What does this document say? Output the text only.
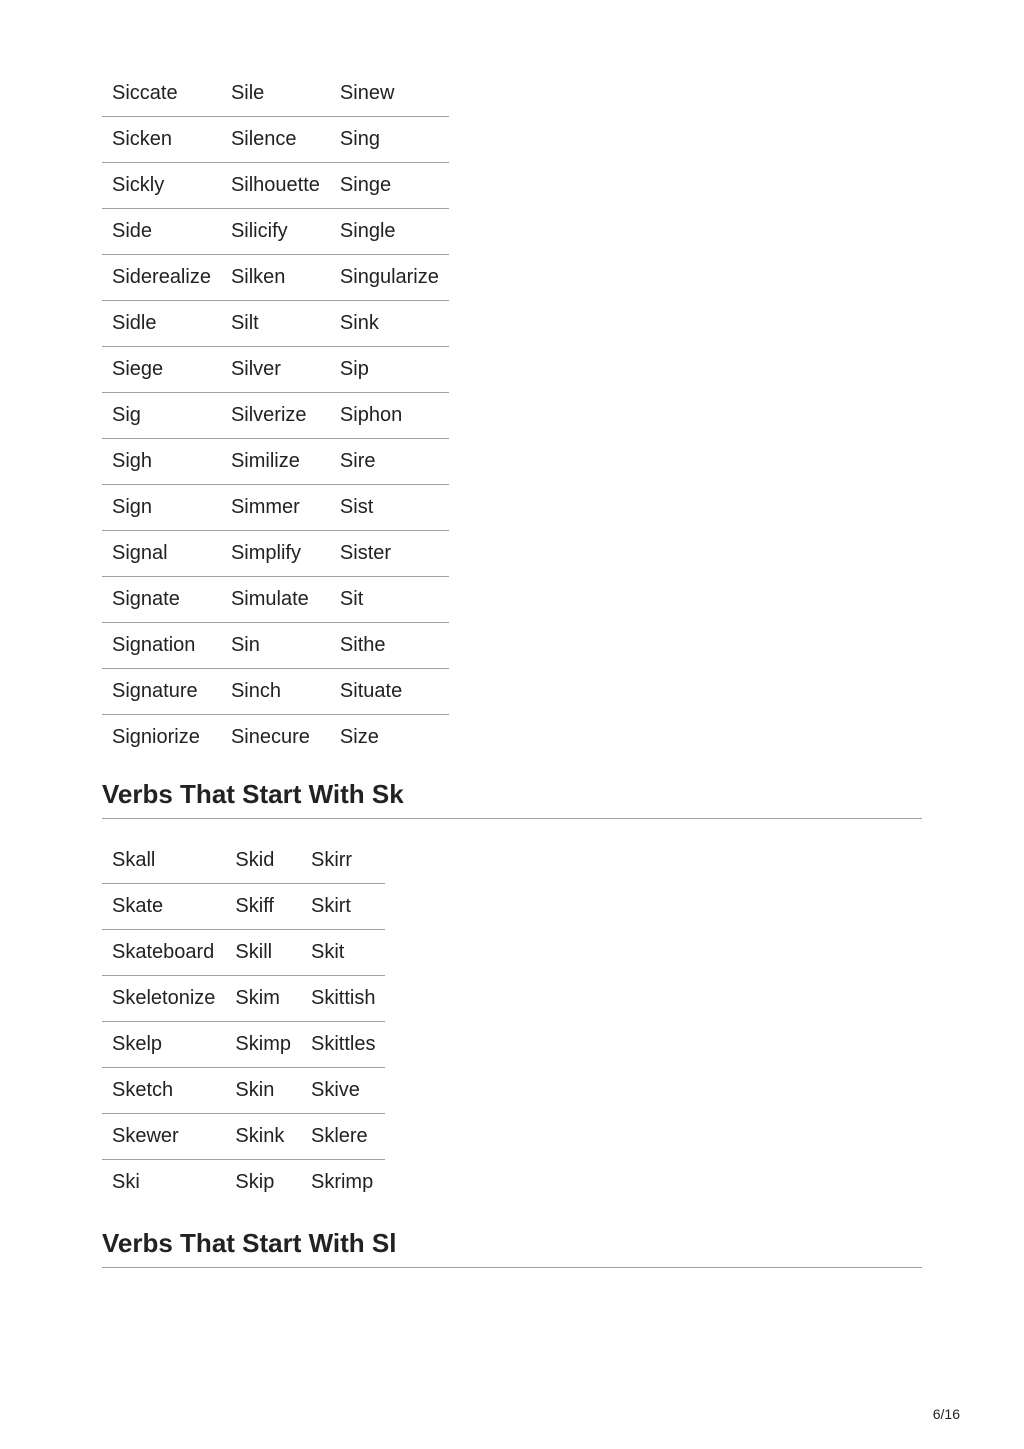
Siccate	Sile	Sinew
Sicken	Silence	Sing
Sickly	Silhouette	Singe
Side	Silicify	Single
Siderealize	Silken	Singularize
Sidle	Silt	Sink
Siege	Silver	Sip
Sig	Silverize	Siphon
Sigh	Similize	Sire
Sign	Simmer	Sist
Signal	Simplify	Sister
Signate	Simulate	Sit
Signation	Sin	Sithe
Signature	Sinch	Situate
Signiorize	Sinecure	Size
Verbs That Start With Sk
Skall	Skid	Skirr
Skate	Skiff	Skirt
Skateboard	Skill	Skit
Skeletonize	Skim	Skittish
Skelp	Skimp	Skittles
Sketch	Skin	Skive
Skewer	Skink	Sklere
Ski	Skip	Skrimp
Verbs That Start With Sl
6/16
